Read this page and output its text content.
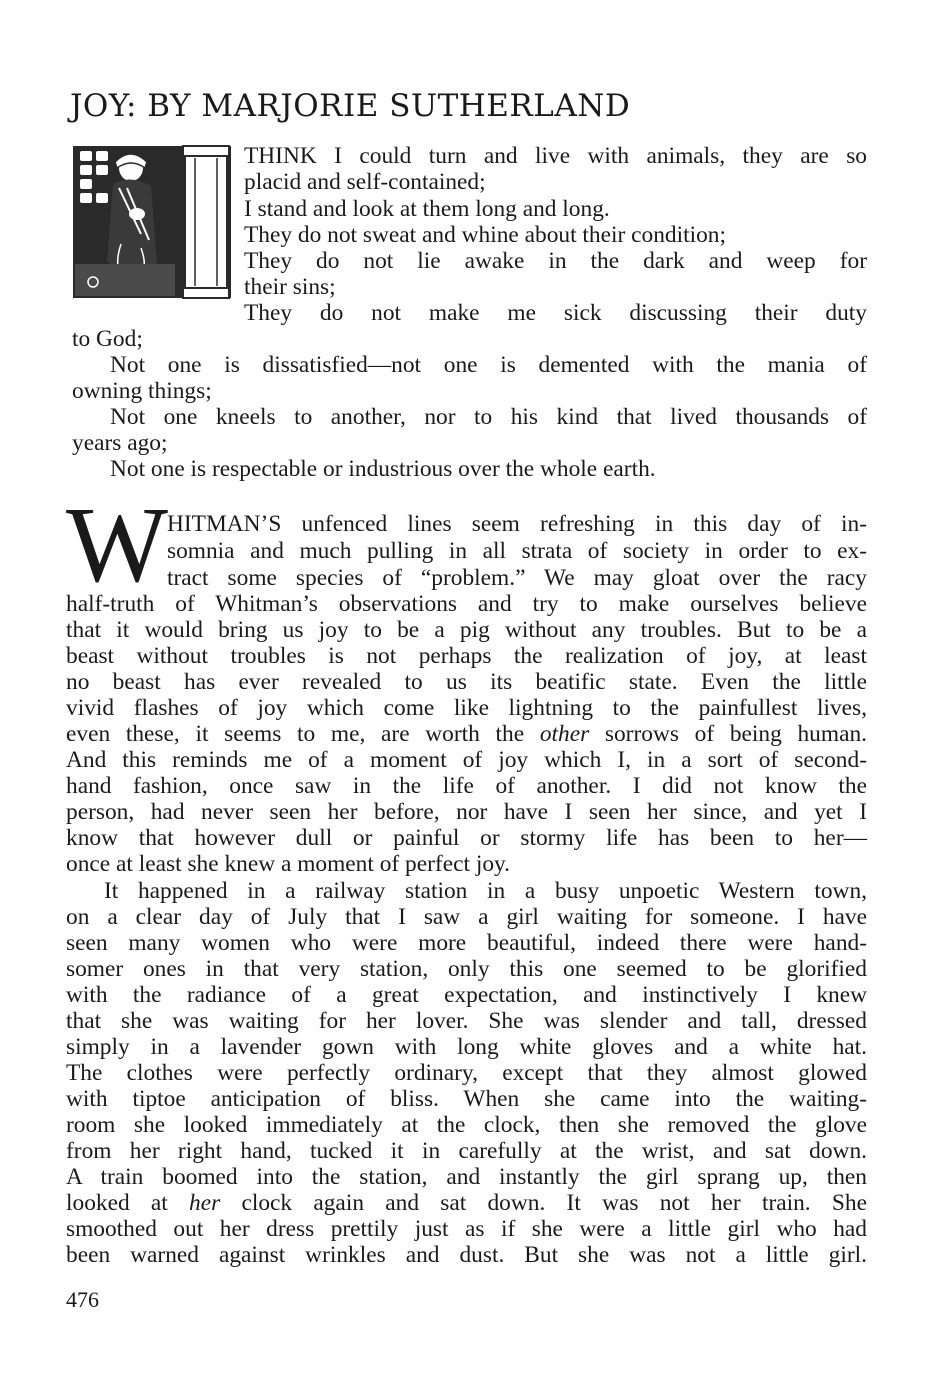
JOY: BY MARJORIE SUTHERLAND
THINK I could turn and live with animals, they are so
placid and self-contained;
I stand and look at them long and long.
They do not sweat and whine about their condition;
They do not lie awake in the dark and weep for
their sins;
They do not make me sick discussing their duty
to God;
Not one is dissatisfied—not one is demented with the mania of
owning things;
Not one kneels to another, nor to his kind that lived thousands of
years ago;
Not one is respectable or industrious over the whole earth.
W HITMAN’S unfenced lines seem refreshing in this day of in-
somnia and much pulling in all strata of society in order to ex-
tract some species of “problem.” We may gloat over the racy
half-truth of Whitman’s observations and try to make ourselves believe
that it would bring us joy to be a pig without any troubles. But to be a
beast without troubles is not perhaps the realization of joy, at least
no beast has ever revealed to us its beatific state. Even the little
vivid flashes of joy which come like lightning to the painfullest lives,
even these, it seems to me, are worth the other sorrows of being human.
And this reminds me of a moment of joy which I, in a sort of second-
hand fashion, once saw in the life of another. I did not know the
person, had never seen her before, nor have I seen her since, and yet I
know that however dull or painful or stormy life has been to her—
once at least she knew a moment of perfect joy.
It happened in a railway station in a busy unpoetic Western town,
on a clear day of July that I saw a girl waiting for someone. I have
seen many women who were more beautiful, indeed there were hand-
somer ones in that very station, only this one seemed to be glorified
with the radiance of a great expectation, and instinctively I knew
that she was waiting for her lover. She was slender and tall, dressed
simply in a lavender gown with long white gloves and a white hat.
The clothes were perfectly ordinary, except that they almost glowed
with tiptoe anticipation of bliss. When she came into the waiting-
room she looked immediately at the clock, then she removed the glove
from her right hand, tucked it in carefully at the wrist, and sat down.
A train boomed into the station, and instantly the girl sprang up, then
looked at her clock again and sat down. It was not her train. She
smoothed out her dress prettily just as if she were a little girl who had
been warned against wrinkles and dust. But she was not a little girl.
476
